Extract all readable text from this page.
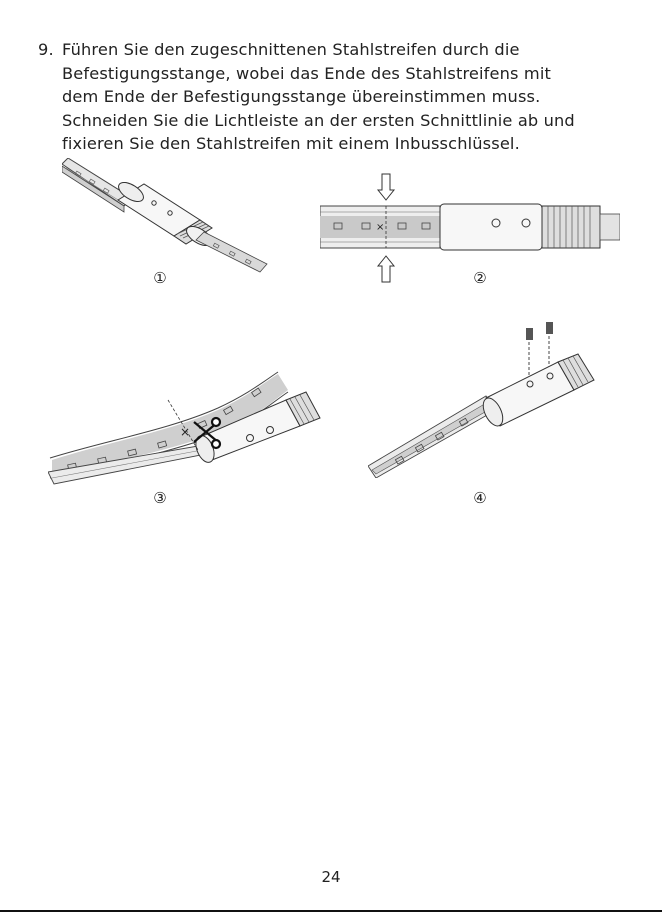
9. Führen Sie den zugeschnittenen Stahlstreifen durch die
Befestigungsstange, wobei das Ende des Stahlstreifens mit
dem Ende der Befestigungsstange übereinstimmen muss.
Schneiden Sie die Lichtleiste an der ersten Schnittlinie ab und
fixieren Sie den Stahlstreifen mit einem Inbusschlüssel.
①
×
②
×
③	④
24
